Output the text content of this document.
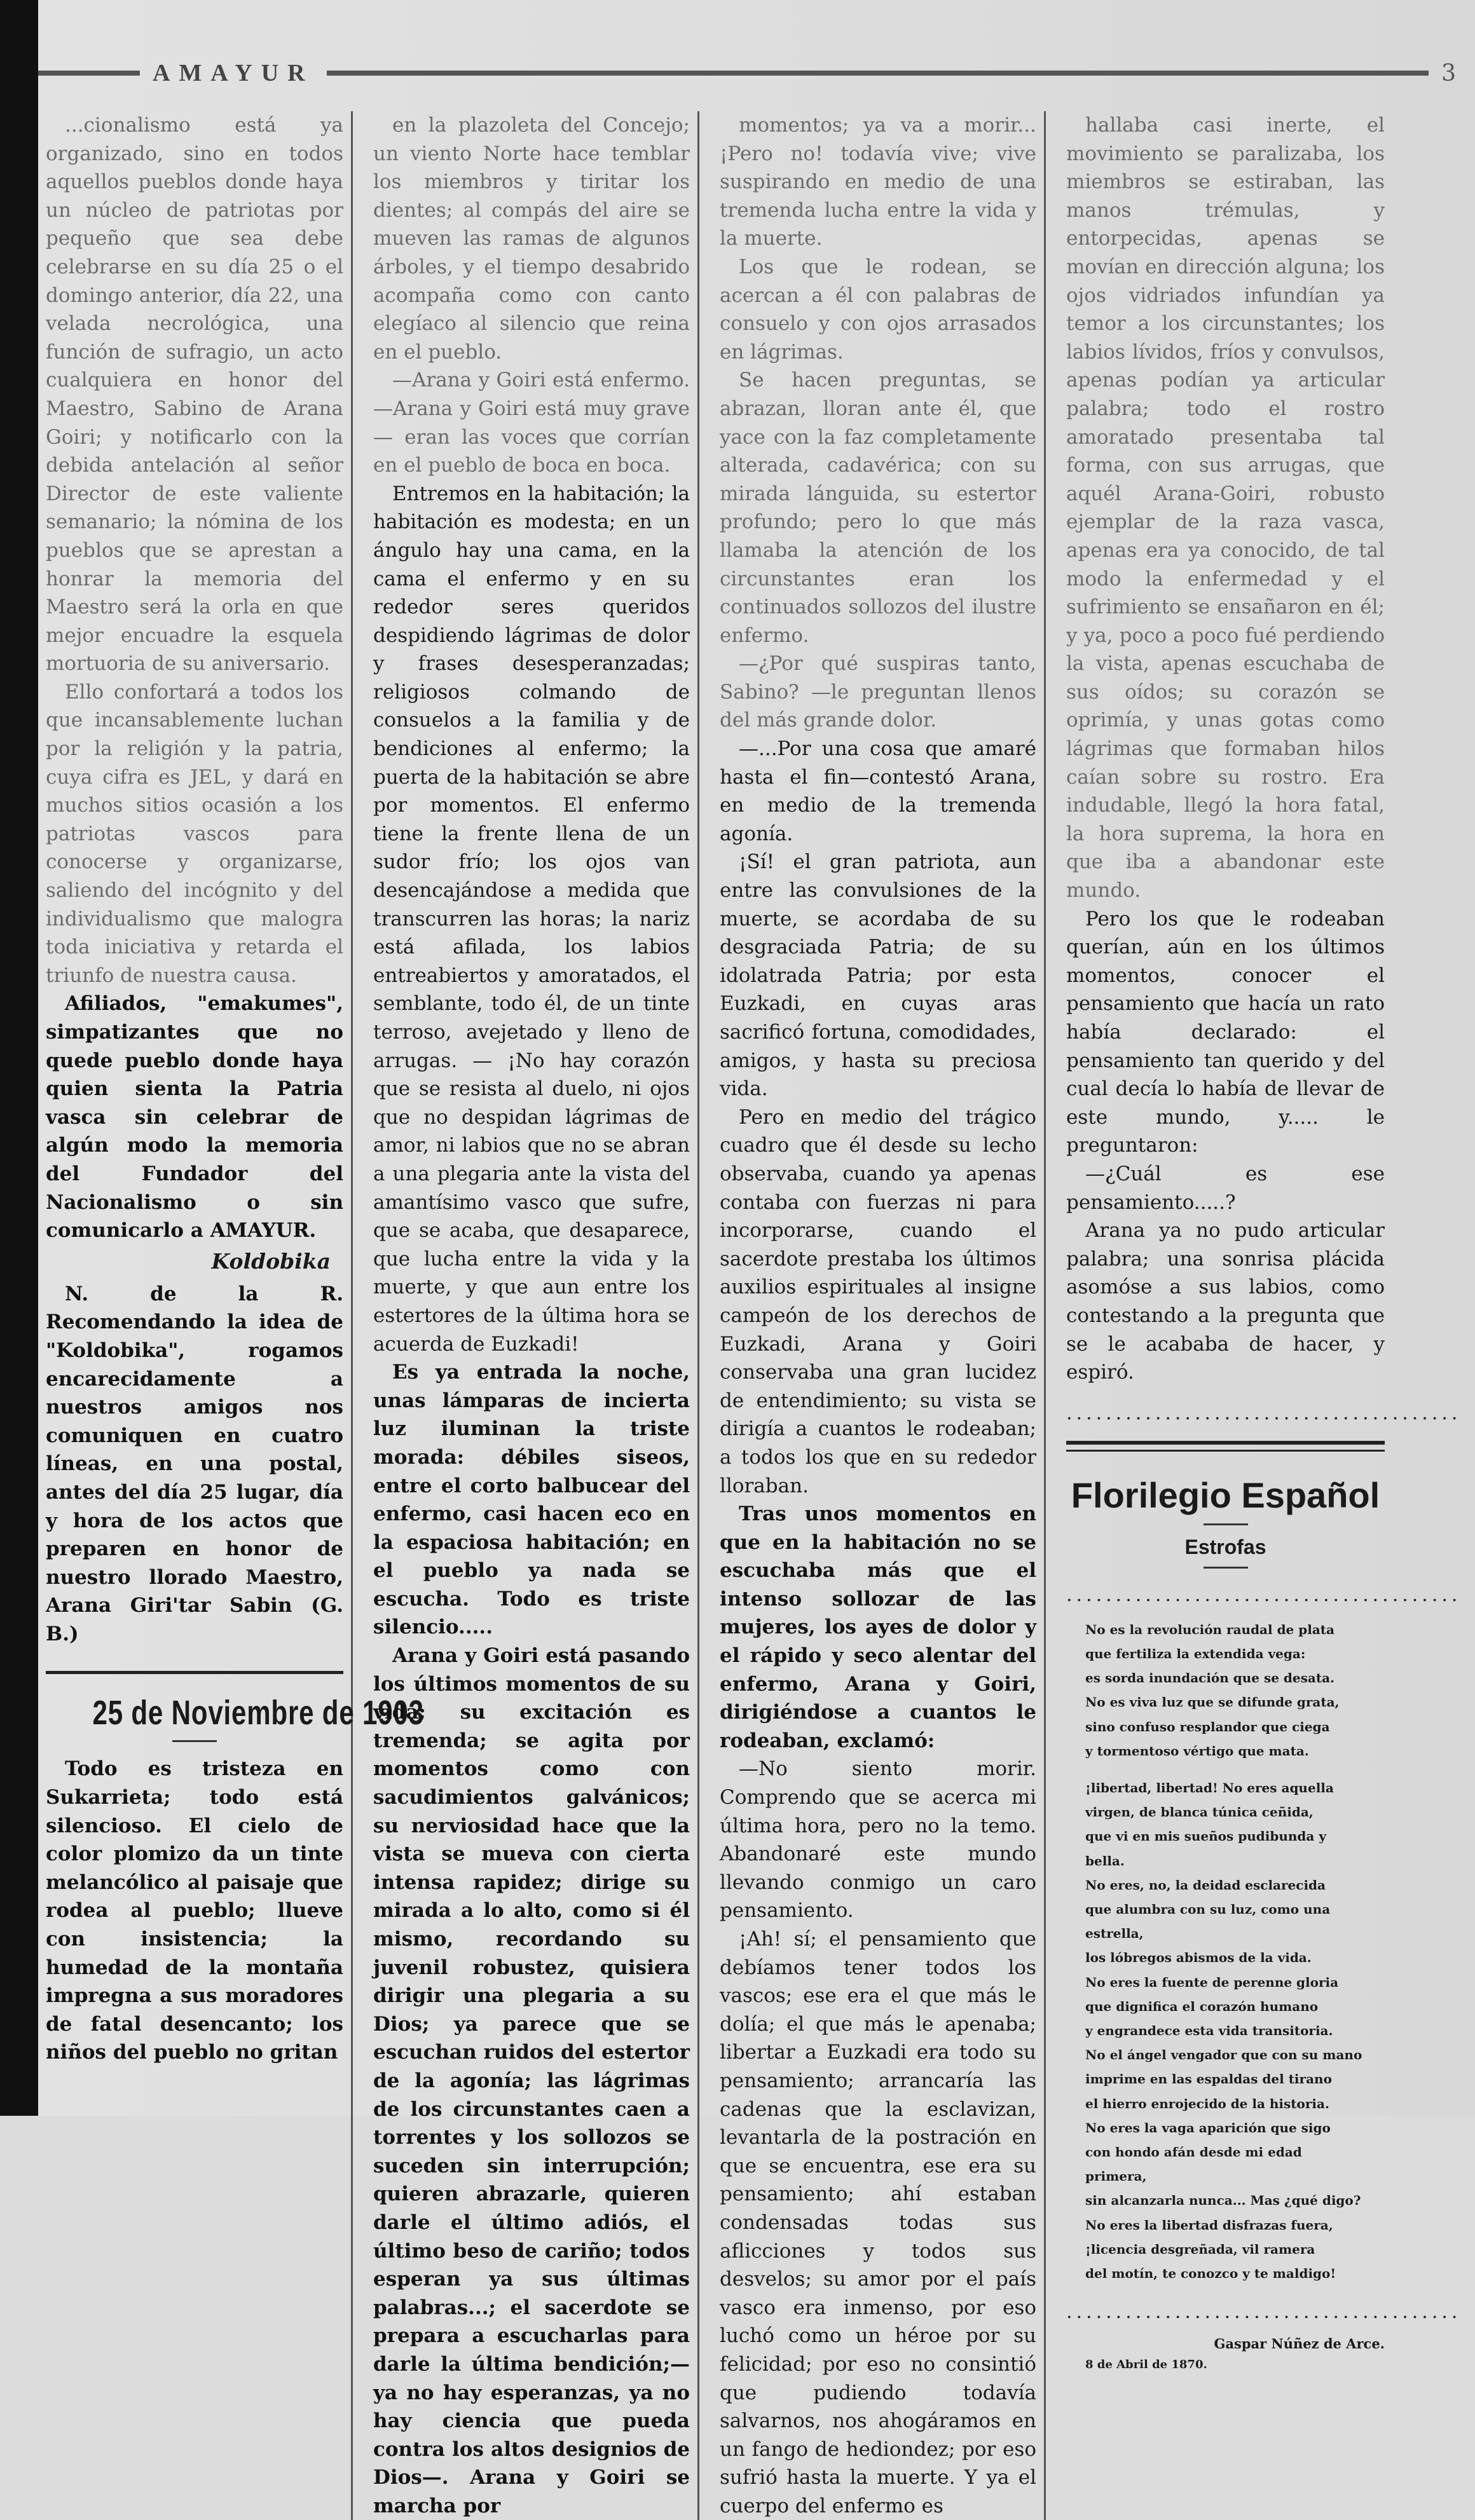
AMAYUR	3

...cionalismo está ya organizado, sino en todos aquellos pueblos donde haya un núcleo de patriotas por pequeño que sea debe celebrarse en su día 25 o el domingo anterior, día 22, una velada necrológica, una función de sufragio, un acto cualquiera en honor del Maestro, Sabino de Arana Goiri; y notificarlo con la debida antelación al señor Director de este valiente semanario; la nómina de los pueblos que se aprestan a honrar la memoria del Maestro será la orla en que mejor encuadre la esquela mortuoria de su aniversario.

Ello confortará a todos los que incansablemente luchan por la religión y la patria, cuya cifra es JEL, y dará en muchos sitios ocasión a los patriotas vascos para conocerse y organizarse, saliendo del incógnito y del individualismo que malogra toda iniciativa y retarda el triunfo de nuestra causa.

Afiliados, "emakumes", simpatizantes que no quede pueblo donde haya quien sienta la Patria vasca sin celebrar de algún modo la memoria del Fundador del Nacionalismo o sin comunicarlo a AMAYUR.

Koldobika

N. de la R. Recomendando la idea de "Koldobika", rogamos encarecidamente a nuestros amigos nos comuniquen en cuatro líneas, en una postal, antes del día 25 lugar, día y hora de los actos que preparen en honor de nuestro llorado Maestro, Arana Giri'tar Sabin (G. B.)

25 de Noviembre de 1903

Todo es tristeza en Sukarrieta; todo está silencioso. El cielo de color plomizo da un tinte melancólico al paisaje que rodea al pueblo; llueve con insistencia; la humedad de la montaña impregna a sus moradores de fatal desencanto; los niños del pueblo no gritan

en la plazoleta del Concejo; un viento Norte hace temblar los miembros y tiritar los dientes; al compás del aire se mueven las ramas de algunos árboles, y el tiempo desabrido acompaña como con canto elegíaco al silencio que reina en el pueblo.

—Arana y Goiri está enfermo. —Arana y Goiri está muy grave— eran las voces que corrían en el pueblo de boca en boca.

Entremos en la habitación; la habitación es modesta; en un ángulo hay una cama, en la cama el enfermo y en su rededor seres queridos despidiendo lágrimas de dolor y frases desesperanzadas; religiosos colmando de consuelos a la familia y de bendiciones al enfermo; la puerta de la habitación se abre por momentos. El enfermo tiene la frente llena de un sudor frío; los ojos van desencajándose a medida que transcurren las horas; la nariz está afilada, los labios entreabiertos y amoratados, el semblante, todo él, de un tinte terroso, avejetado y lleno de arrugas. — ¡No hay corazón que se resista al duelo, ni ojos que no despidan lágrimas de amor, ni labios que no se abran a una plegaria ante la vista del amantísimo vasco que sufre, que se acaba, que desaparece, que lucha entre la vida y la muerte, y que aun entre los estertores de la última hora se acuerda de Euzkadi!

Es ya entrada la noche, unas lámparas de incierta luz iluminan la triste morada: débiles siseos, entre el corto balbucear del enfermo, casi hacen eco en la espaciosa habitación; en el pueblo ya nada se escucha. Todo es triste silencio.....

Arana y Goiri está pasando los últimos momentos de su vida; su excitación es tremenda; se agita por momentos como con sacudimientos galvánicos; su nerviosidad hace que la vista se mueva con cierta intensa rapidez; dirige su mirada a lo alto, como si él mismo, recordando su juvenil robustez, quisiera dirigir una plegaria a su Dios; ya parece que se escuchan ruidos del estertor de la agonía; las lágrimas de los circunstantes caen a torrentes y los sollozos se suceden sin interrupción; quieren abrazarle, quieren darle el último adiós, el último beso de cariño; todos esperan ya sus últimas palabras...; el sacerdote se prepara a escucharlas para darle la última bendición;— ya no hay esperanzas, ya no hay ciencia que pueda contra los altos designios de Dios—. Arana y Goiri se marcha por

momentos; ya va a morir... ¡Pero no! todavía vive; vive suspirando en medio de una tremenda lucha entre la vida y la muerte.

Los que le rodean, se acercan a él con palabras de consuelo y con ojos arrasados en lágrimas.

Se hacen preguntas, se abrazan, lloran ante él, que yace con la faz completamente alterada, cadavérica; con su mirada lánguida, su estertor profundo; pero lo que más llamaba la atención de los circunstantes eran los continuados sollozos del ilustre enfermo.

—¿Por qué suspiras tanto, Sabino? —le preguntan llenos del más grande dolor.

—...Por una cosa que amaré hasta el fin—contestó Arana, en medio de la tremenda agonía.

¡Sí! el gran patriota, aun entre las convulsiones de la muerte, se acordaba de su desgraciada Patria; de su idolatrada Patria; por esta Euzkadi, en cuyas aras sacrificó fortuna, comodidades, amigos, y hasta su preciosa vida.

Pero en medio del trágico cuadro que él desde su lecho observaba, cuando ya apenas contaba con fuerzas ni para incorporarse, cuando el sacerdote prestaba los últimos auxilios espirituales al insigne campeón de los derechos de Euzkadi, Arana y Goiri conservaba una gran lucidez de entendimiento; su vista se dirigía a cuantos le rodeaban; a todos los que en su rededor lloraban.

Tras unos momentos en que en la habitación no se escuchaba más que el intenso sollozar de las mujeres, los ayes de dolor y el rápido y seco alentar del enfermo, Arana y Goiri, dirigiéndose a cuantos le rodeaban, exclamó:

—No siento morir. Comprendo que se acerca mi última hora, pero no la temo. Abandonaré este mundo llevando conmigo un caro pensamiento.

¡Ah! sí; el pensamiento que debíamos tener todos los vascos; ese era el que más le dolía; el que más le apenaba; libertar a Euzkadi era todo su pensamiento; arrancaría las cadenas que la esclavizan, levantarla de la postración en que se encuentra, ese era su pensamiento; ahí estaban condensadas todas sus aflicciones y todos sus desvelos; su amor por el país vasco era inmenso, por eso luchó como un héroe por su felicidad; por eso no consintió que pudiendo todavía salvarnos, nos ahogáramos en un fango de hediondez; por eso sufrió hasta la muerte. Y ya el cuerpo del enfermo es

hallaba casi inerte, el movimiento se paralizaba, los miembros se estiraban, las manos trémulas, y entorpecidas, apenas se movían en dirección alguna; los ojos vidriados infundían ya temor a los circunstantes; los labios lívidos, fríos y convulsos, apenas podían ya articular palabra; todo el rostro amoratado presentaba tal forma, con sus arrugas, que aquél Arana-Goiri, robusto ejemplar de la raza vasca, apenas era ya conocido, de tal modo la enfermedad y el sufrimiento se ensañaron en él; y ya, poco a poco fué perdiendo la vista, apenas escuchaba de sus oídos; su corazón se oprimía, y unas gotas como lágrimas que formaban hilos caían sobre su rostro. Era indudable, llegó la hora fatal, la hora suprema, la hora en que iba a abandonar este mundo.

Pero los que le rodeaban querían, aún en los últimos momentos, conocer el pensamiento que hacía un rato había declarado: el pensamiento tan querido y del cual decía lo había de llevar de este mundo, y..... le preguntaron:

—¿Cuál es ese pensamiento.....?

Arana ya no pudo articular palabra; una sonrisa plácida asomóse a sus labios, como contestando a la pregunta que se le acababa de hacer, y espiró.

........................................
Florilegio Español
Estrofas
........................................
No es la revolución raudal de plata
que fertiliza la extendida vega:
es sorda inundación que se desata.
No es viva luz que se difunde grata,
sino confuso resplandor que ciega
y tormentoso vértigo que mata.
¡libertad, libertad! No eres aquella
virgen, de blanca túnica ceñida,
que vi en mis sueños pudibunda y bella.
No eres, no, la deidad esclarecida
que alumbra con su luz, como una estrella,
los lóbregos abismos de la vida.
No eres la fuente de perenne gloria
que dignifica el corazón humano
y engrandece esta vida transitoria.
No el ángel vengador que con su mano
imprime en las espaldas del tirano
el hierro enrojecido de la historia.
No eres la vaga aparición que sigo
con hondo afán desde mi edad primera,
sin alcanzarla nunca... Mas ¿qué digo?
No eres la libertad disfrazas fuera,
¡licencia desgreñada, vil ramera
del motín, te conozco y te maldigo!
........................................
Gaspar Núñez de Arce.
8 de Abril de 1870.
